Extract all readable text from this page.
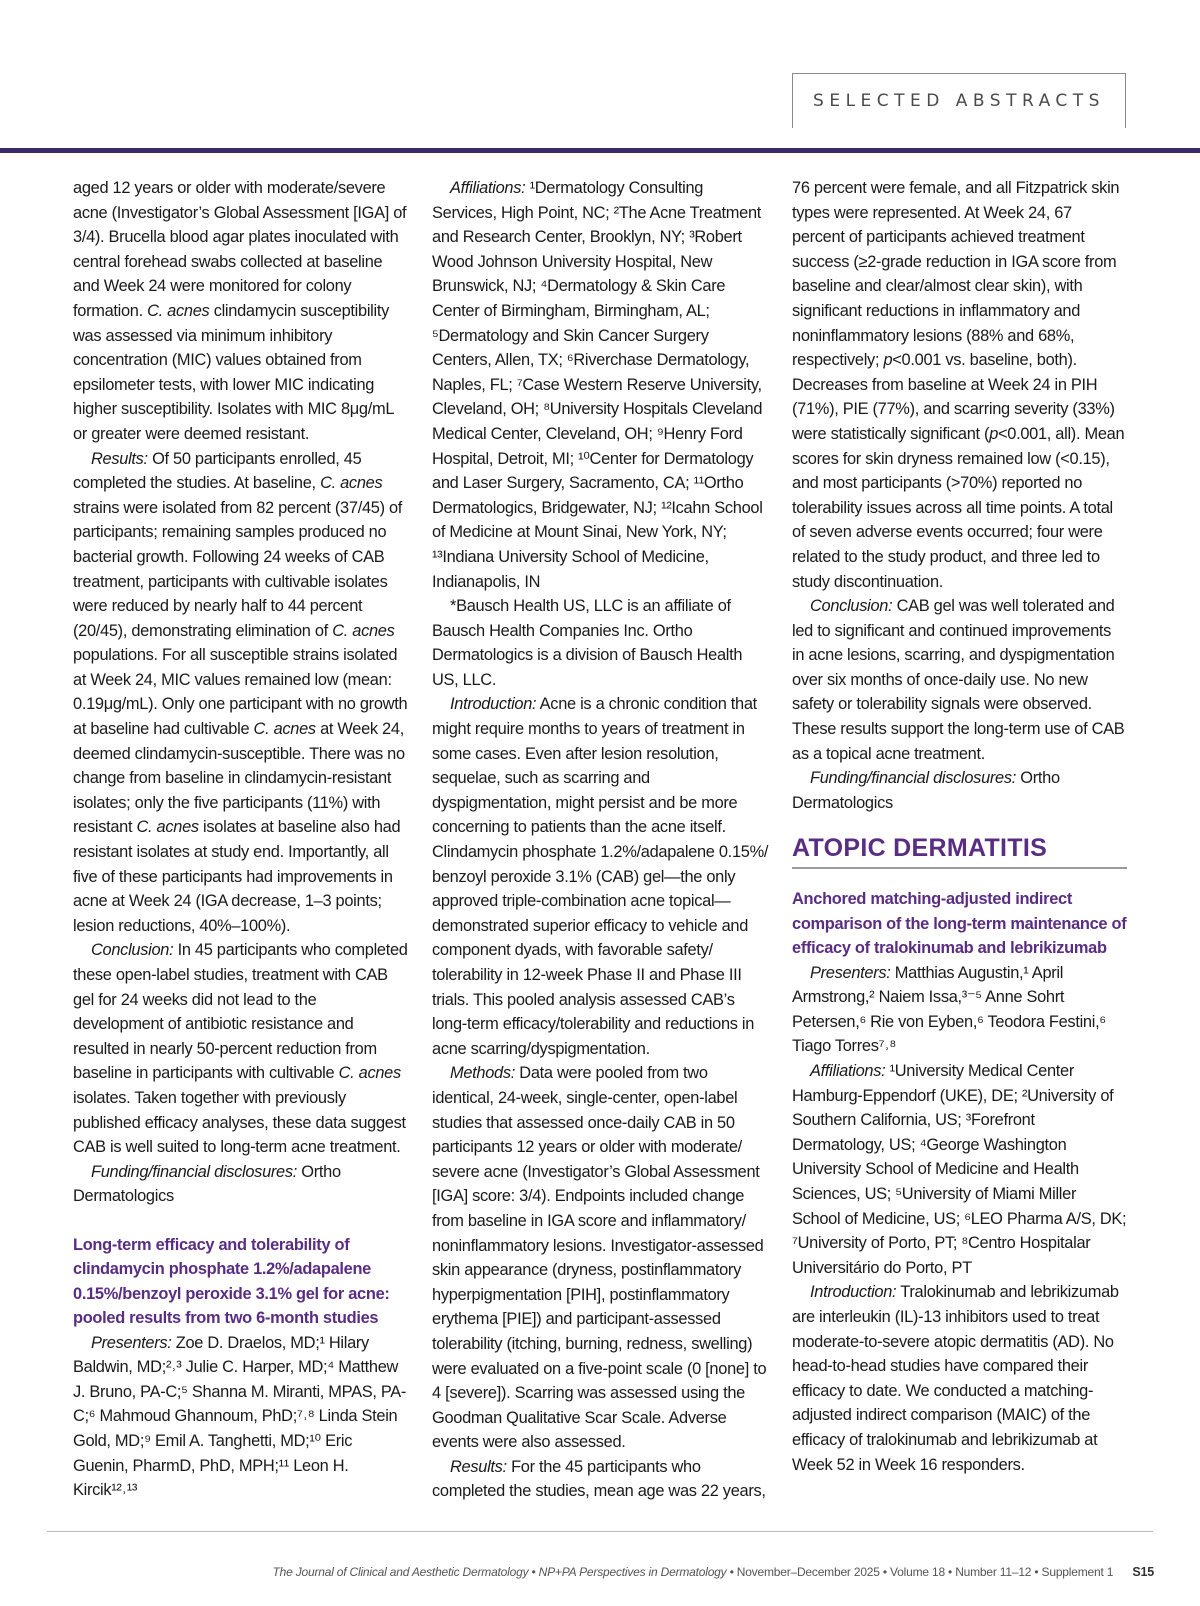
SELECTED ABSTRACTS

aged 12 years or older with moderate/severe acne (Investigator’s Global Assessment [IGA] of 3/4). Brucella blood agar plates inoculated with central forehead swabs collected at baseline and Week 24 were monitored for colony formation. C. acnes clindamycin susceptibility was assessed via minimum inhibitory concentration (MIC) values obtained from epsilometer tests, with lower MIC indicating higher susceptibility. Isolates with MIC 8μg/mL or greater were deemed resistant.

Results: Of 50 participants enrolled, 45 completed the studies. At baseline, C. acnes strains were isolated from 82 percent (37/45) of participants; remaining samples produced no bacterial growth. Following 24 weeks of CAB treatment, participants with cultivable isolates were reduced by nearly half to 44 percent (20/45), demonstrating elimination of C. acnes populations. For all susceptible strains isolated at Week 24, MIC values remained low (mean: 0.19μg/mL). Only one participant with no growth at baseline had cultivable C. acnes at Week 24, deemed clindamycin-susceptible. There was no change from baseline in clindamycin-resistant isolates; only the five participants (11%) with resistant C. acnes isolates at baseline also had resistant isolates at study end. Importantly, all five of these participants had improvements in acne at Week 24 (IGA decrease, 1–3 points; lesion reductions, 40%–100%).

Conclusion: In 45 participants who completed these open-label studies, treatment with CAB gel for 24 weeks did not lead to the development of antibiotic resistance and resulted in nearly 50-percent reduction from baseline in participants with cultivable C. acnes isolates. Taken together with previously published efficacy analyses, these data suggest CAB is well suited to long-term acne treatment.

Funding/financial disclosures: Ortho Dermatologics

Long-term efficacy and tolerability of clindamycin phosphate 1.2%/adapalene 0.15%/benzoyl peroxide 3.1% gel for acne: pooled results from two 6-month studies

Presenters: Zoe D. Draelos, MD;¹ Hilary Baldwin, MD;²˒³ Julie C. Harper, MD;⁴ Matthew J. Bruno, PA-C;⁵ Shanna M. Miranti, MPAS, PA-C;⁶ Mahmoud Ghannoum, PhD;⁷˒⁸ Linda Stein Gold, MD;⁹ Emil A. Tanghetti, MD;¹⁰ Eric Guenin, PharmD, PhD, MPH;¹¹ Leon H. Kircik¹²˒¹³

Affiliations: ¹Dermatology Consulting Services, High Point, NC; ²The Acne Treatment and Research Center, Brooklyn, NY; ³Robert Wood Johnson University Hospital, New Brunswick, NJ; ⁴Dermatology & Skin Care Center of Birmingham, Birmingham, AL; ⁵Dermatology and Skin Cancer Surgery Centers, Allen, TX; ⁶Riverchase Dermatology, Naples, FL; ⁷Case Western Reserve University, Cleveland, OH; ⁸University Hospitals Cleveland Medical Center, Cleveland, OH; ⁹Henry Ford Hospital, Detroit, MI; ¹⁰Center for Dermatology and Laser Surgery, Sacramento, CA; ¹¹Ortho Dermatologics, Bridgewater, NJ; ¹²Icahn School of Medicine at Mount Sinai, New York, NY; ¹³Indiana University School of Medicine, Indianapolis, IN

*Bausch Health US, LLC is an affiliate of Bausch Health Companies Inc. Ortho Dermatologics is a division of Bausch Health US, LLC.

Introduction: Acne is a chronic condition that might require months to years of treatment in some cases. Even after lesion resolution, sequelae, such as scarring and dyspigmentation, might persist and be more concerning to patients than the acne itself. Clindamycin phosphate 1.2%/adapalene 0.15%/ benzoyl peroxide 3.1% (CAB) gel—the only approved triple-combination acne topical—demonstrated superior efficacy to vehicle and component dyads, with favorable safety/ tolerability in 12-week Phase II and Phase III trials. This pooled analysis assessed CAB’s long-term efficacy/tolerability and reductions in acne scarring/dyspigmentation.

Methods: Data were pooled from two identical, 24-week, single-center, open-label studies that assessed once-daily CAB in 50 participants 12 years or older with moderate/ severe acne (Investigator’s Global Assessment [IGA] score: 3/4). Endpoints included change from baseline in IGA score and inflammatory/ noninflammatory lesions. Investigator-assessed skin appearance (dryness, postinflammatory hyperpigmentation [PIH], postinflammatory erythema [PIE]) and participant-assessed tolerability (itching, burning, redness, swelling) were evaluated on a five-point scale (0 [none] to 4 [severe]). Scarring was assessed using the Goodman Qualitative Scar Scale. Adverse events were also assessed.

Results: For the 45 participants who completed the studies, mean age was 22 years,

76 percent were female, and all Fitzpatrick skin types were represented. At Week 24, 67 percent of participants achieved treatment success (≥2-grade reduction in IGA score from baseline and clear/almost clear skin), with significant reductions in inflammatory and noninflammatory lesions (88% and 68%, respectively; p<0.001 vs. baseline, both). Decreases from baseline at Week 24 in PIH (71%), PIE (77%), and scarring severity (33%) were statistically significant (p<0.001, all). Mean scores for skin dryness remained low (<0.15), and most participants (>70%) reported no tolerability issues across all time points. A total of seven adverse events occurred; four were related to the study product, and three led to study discontinuation.

Conclusion: CAB gel was well tolerated and led to significant and continued improvements in acne lesions, scarring, and dyspigmentation over six months of once-daily use. No new safety or tolerability signals were observed. These results support the long-term use of CAB as a topical acne treatment.

Funding/financial disclosures: Ortho Dermatologics

ATOPIC DERMATITIS
Anchored matching-adjusted indirect comparison of the long-term maintenance of efficacy of tralokinumab and lebrikizumab

Presenters: Matthias Augustin,¹ April Armstrong,² Naiem Issa,³⁻⁵ Anne Sohrt Petersen,⁶ Rie von Eyben,⁶ Teodora Festini,⁶ Tiago Torres⁷˒⁸

Affiliations: ¹University Medical Center Hamburg-Eppendorf (UKE), DE; ²University of Southern California, US; ³Forefront Dermatology, US; ⁴George Washington University School of Medicine and Health Sciences, US; ⁵University of Miami Miller School of Medicine, US; ⁶LEO Pharma A/S, DK; ⁷University of Porto, PT; ⁸Centro Hospitalar Universitário do Porto, PT

Introduction: Tralokinumab and lebrikizumab are interleukin (IL)-13 inhibitors used to treat moderate-to-severe atopic dermatitis (AD). No head-to-head studies have compared their efficacy to date. We conducted a matching-adjusted indirect comparison (MAIC) of the efficacy of tralokinumab and lebrikizumab at Week 52 in Week 16 responders.

The Journal of Clinical and Aesthetic Dermatology • NP+PA Perspectives in Dermatology • November–December 2025 • Volume 18 • Number 11–12 • Supplement 1 S15
